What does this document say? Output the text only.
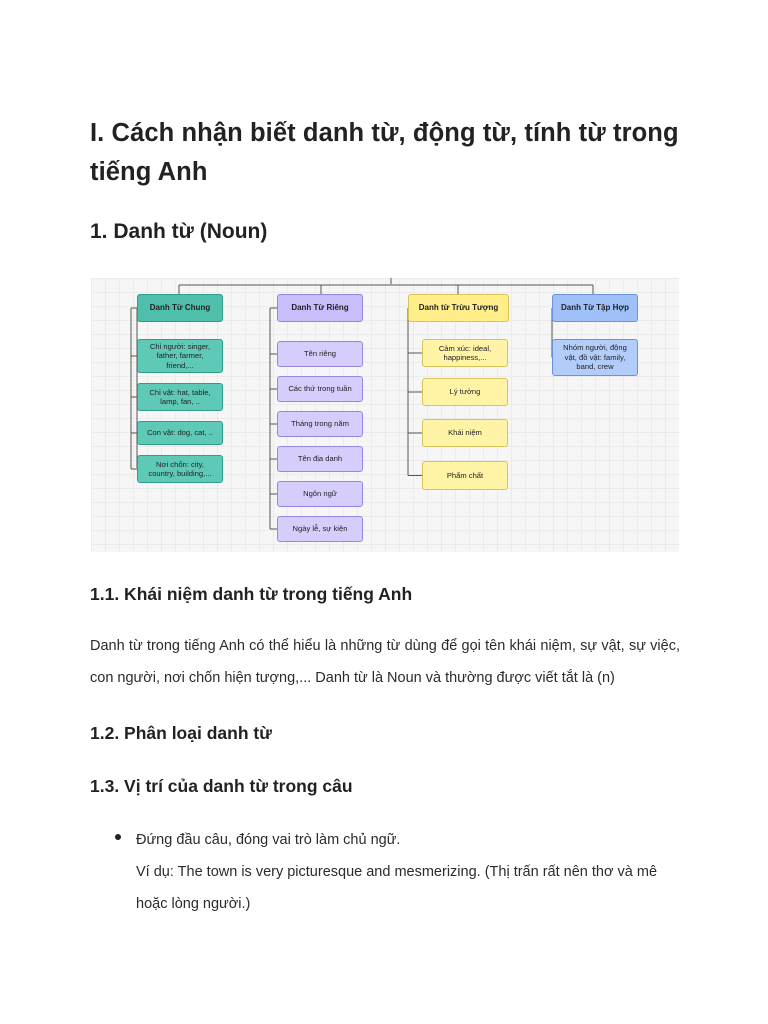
I. Cách nhận biết danh từ, động từ, tính từ trong tiếng Anh
1. Danh từ (Noun)
Danh Từ Chung
Chỉ người: singer, father, farmer, friend,...
Chỉ vật: hat, table, lamp, fan, ..
Con vật: dog, cat, ..
Nơi chốn: city, country, building,...
Danh Từ Riêng
Tên riêng
Các thứ trong tuần
Tháng trong năm
Tên địa danh
Ngôn ngữ
Ngày lễ, sự kiện
Danh từ Trừu Tượng
Cảm xúc: ideal, happiness,...
Lý tưởng
Khái niệm
Phẩm chất
Danh Từ Tập Hợp
Nhóm người, động vật, đồ vật: family, band, crew
1.1. Khái niệm danh từ trong tiếng Anh

Danh từ trong tiếng Anh có thể hiểu là những từ dùng để gọi tên khái niệm, sự vật, sự việc, con người, nơi chốn hiện tượng,... Danh từ là Noun và thường được viết tắt là (n)

1.2. Phân loại danh từ
1.3. Vị trí của danh từ trong câu
Đứng đầu câu, đóng vai trò làm chủ ngữ.
Ví dụ: The town is very picturesque and mesmerizing. (Thị trấn rất nên thơ và mê hoặc lòng người.)
